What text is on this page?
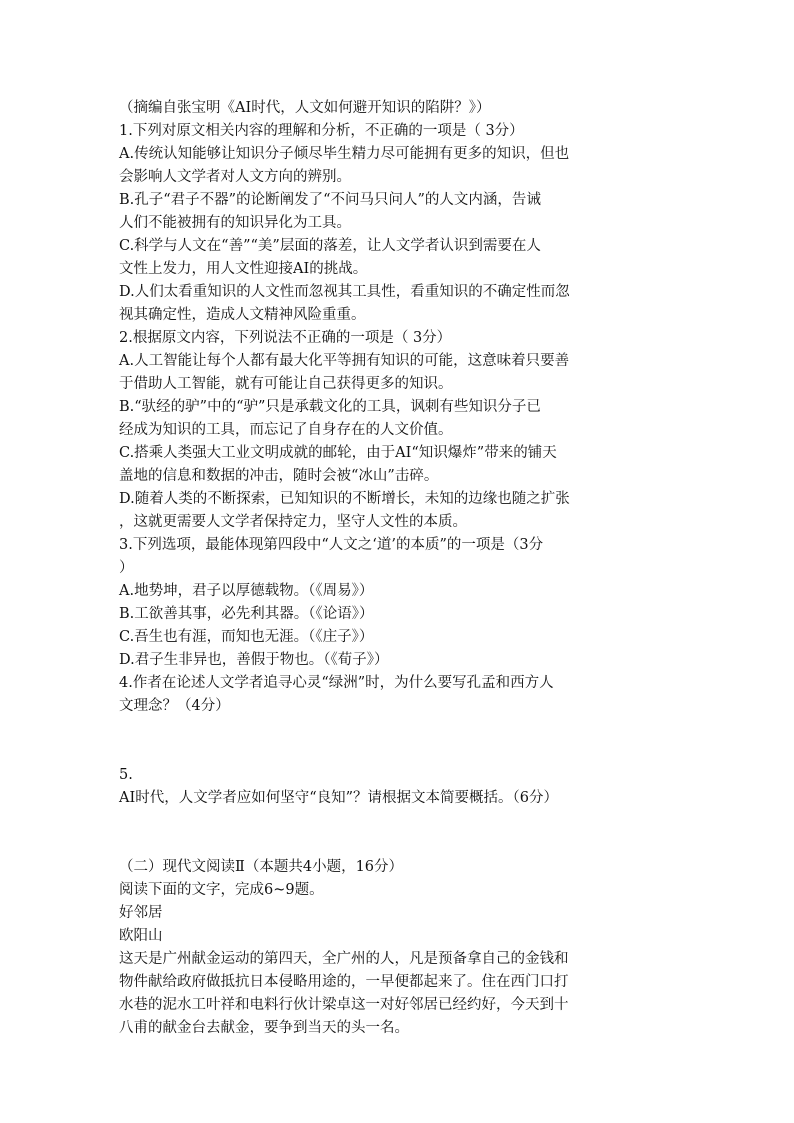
（摘编自张宝明《AI时代，人文如何避开知识的陷阱？》）
1.下列对原文相关内容的理解和分析，不正确的一项是（ 3分）
A.传统认知能够让知识分子倾尽毕生精力尽可能拥有更多的知识，但也
会影响人文学者对人文方向的辨别。
B.孔子“君子不器”的论断阐发了“不问马只问人”的人文内涵，告诫
人们不能被拥有的知识异化为工具。
C.科学与人文在“善”“美”层面的落差，让人文学者认识到需要在人
文性上发力，用人文性迎接AI的挑战。
D.人们太看重知识的人文性而忽视其工具性，看重知识的不确定性而忽
视其确定性，造成人文精神风险重重。
2.根据原文内容，下列说法不正确的一项是（ 3分）
A.人工智能让每个人都有最大化平等拥有知识的可能，这意味着只要善
于借助人工智能，就有可能让自己获得更多的知识。
B.“驮经的驴”中的“驴”只是承载文化的工具，讽刺有些知识分子已
经成为知识的工具，而忘记了自身存在的人文价值。
C.搭乘人类强大工业文明成就的邮轮，由于AI“知识爆炸”带来的铺天
盖地的信息和数据的冲击，随时会被“冰山”击碎。
D.随着人类的不断探索，已知知识的不断增长，未知的边缘也随之扩张
，这就更需要人文学者保持定力，坚守人文性的本质。
3.下列选项，最能体现第四段中“人文之‘道’的本质”的一项是（3分
）
A.地势坤，君子以厚德载物。（《周易》）
B.工欲善其事，必先利其器。（《论语》）
C.吾生也有涯，而知也无涯。（《庄子》）
D.君子生非异也，善假于物也。（《荀子》）
4.作者在论述人文学者追寻心灵“绿洲”时，为什么要写孔孟和西方人
文理念？（4分）
5.
AI时代，人文学者应如何坚守“良知”？请根据文本简要概括。（6分）
（二）现代文阅读Ⅱ（本题共4小题，16分）
阅读下面的文字，完成6~9题。
好邻居
欧阳山
这天是广州献金运动的第四天，全广州的人，凡是预备拿自己的金钱和
物件献给政府做抵抗日本侵略用途的，一早便都起来了。住在西门口打
水巷的泥水工叶祥和电料行伙计梁卓这一对好邻居已经约好，今天到十
八甫的献金台去献金，要争到当天的头一名。
